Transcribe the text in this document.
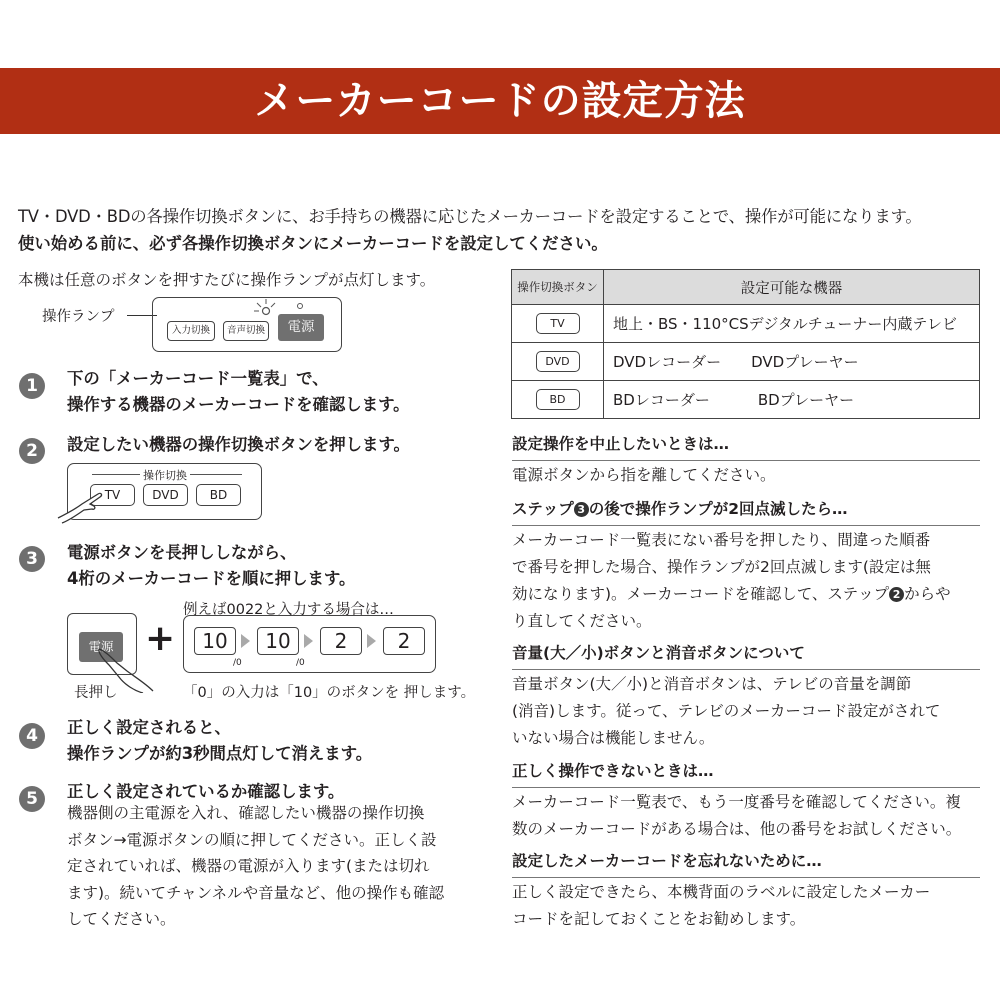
メーカーコードの設定方法
TV・DVD・BDの各操作切換ボタンに、お手持ちの機器に応じたメーカーコードを設定することで、操作が可能になります。
使い始める前に、必ず各操作切換ボタンにメーカーコードを設定してください。
本機は任意のボタンを押すたびに操作ランプが点灯します。
操作ランプ
入力切換	音声切換	電源
1	下の「メーカーコード一覧表」で、
操作する機器のメーカーコードを確認します。
2	設定したい機器の操作切換ボタンを押します。
操作切換
TV	DVD	BD
3	電源ボタンを長押ししながら、
4桁のメーカーコードを順に押します。
例えば0022と入力する場合は…
電源 +	10	10	2	2
/0	/0
長押し	「0」の入力は「10」のボタンを 押します。
4	正しく設定されると、
操作ランプが約3秒間点灯して消えます。
5	正しく設定されているか確認します。
機器側の主電源を入れ、確認したい機器の操作切換
ボタン→電源ボタンの順に押してください。正しく設
定されていれば、機器の電源が入ります(または切れ
ます)。続いてチャンネルや音量など、他の操作も確認
してください。
操作切換ボタン	設定可能な機器
TV	地上・BS・110°CSデジタルチューナー内蔵テレビ
DVD	DVDレコーダー DVDプレーヤー
BD	BDレコーダー BDプレーヤー
設定操作を中止したいときは…
電源ボタンから指を離してください。
ステップ 3 の後で操作ランプが2回点滅したら…
メーカーコード一覧表にない番号を押したり、間違った順番
で番号を押した場合、操作ランプが2回点滅します(設定は無
効になります)。メーカーコードを確認して、ステップ 2 からや
り直してください。
音量(大／小)ボタンと消音ボタンについて
音量ボタン(大／小)と消音ボタンは、テレビの音量を調節
(消音)します。従って、テレビのメーカーコード設定がされて
いない場合は機能しません。
正しく操作できないときは…
メーカーコード一覧表で、もう一度番号を確認してください。複
数のメーカーコードがある場合は、他の番号をお試しください。
設定したメーカーコードを忘れないために…
正しく設定できたら、本機背面のラベルに設定したメーカー
コードを記しておくことをお勧めします。
